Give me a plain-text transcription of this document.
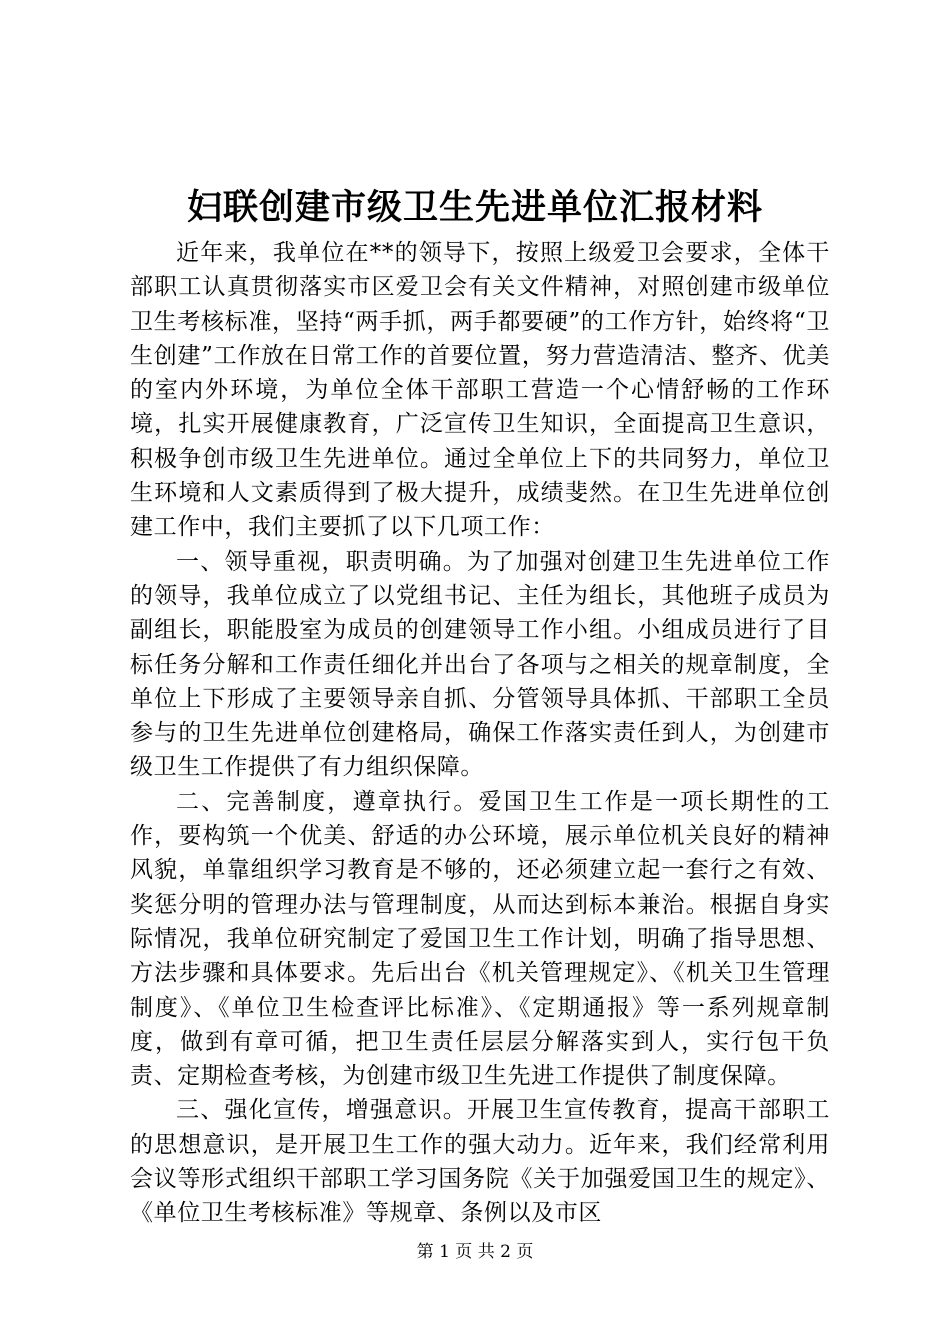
妇联创建市级卫生先进单位汇报材料

近年来，我单位在**的领导下，按照上级爱卫会要求，全体干部职工认真贯彻落实市区爱卫会有关文件精神，对照创建市级单位卫生考核标准，坚持“两手抓，两手都要硬”的工作方针，始终将“卫生创建”工作放在日常工作的首要位置，努力营造清洁、整齐、优美的室内外环境，为单位全体干部职工营造一个心情舒畅的工作环境，扎实开展健康教育，广泛宣传卫生知识，全面提高卫生意识，积极争创市级卫生先进单位。通过全单位上下的共同努力，单位卫生环境和人文素质得到了极大提升，成绩斐然。在卫生先进单位创建工作中，我们主要抓了以下几项工作：

一、领导重视，职责明确。为了加强对创建卫生先进单位工作的领导，我单位成立了以党组书记、主任为组长，其他班子成员为副组长，职能股室为成员的创建领导工作小组。小组成员进行了目标任务分解和工作责任细化并出台了各项与之相关的规章制度，全单位上下形成了主要领导亲自抓、分管领导具体抓、干部职工全员参与的卫生先进单位创建格局，确保工作落实责任到人，为创建市级卫生工作提供了有力组织保障。

二、完善制度，遵章执行。爱国卫生工作是一项长期性的工作，要构筑一个优美、舒适的办公环境，展示单位机关良好的精神风貌，单靠组织学习教育是不够的，还必须建立起一套行之有效、奖惩分明的管理办法与管理制度，从而达到标本兼治。根据自身实际情况，我单位研究制定了爱国卫生工作计划，明确了指导思想、方法步骤和具体要求。先后出台《机关管理规定》、《机关卫生管理制度》、《单位卫生检查评比标准》、《定期通报》等一系列规章制度，做到有章可循，把卫生责任层层分解落实到人，实行包干负责、定期检查考核，为创建市级卫生先进工作提供了制度保障。

三、强化宣传，增强意识。开展卫生宣传教育，提高干部职工的思想意识，是开展卫生工作的强大动力。近年来，我们经常利用会议等形式组织干部职工学习国务院《关于加强爱国卫生的规定》、《单位卫生考核标准》等规章、条例以及市区

第 1 页 共 2 页
